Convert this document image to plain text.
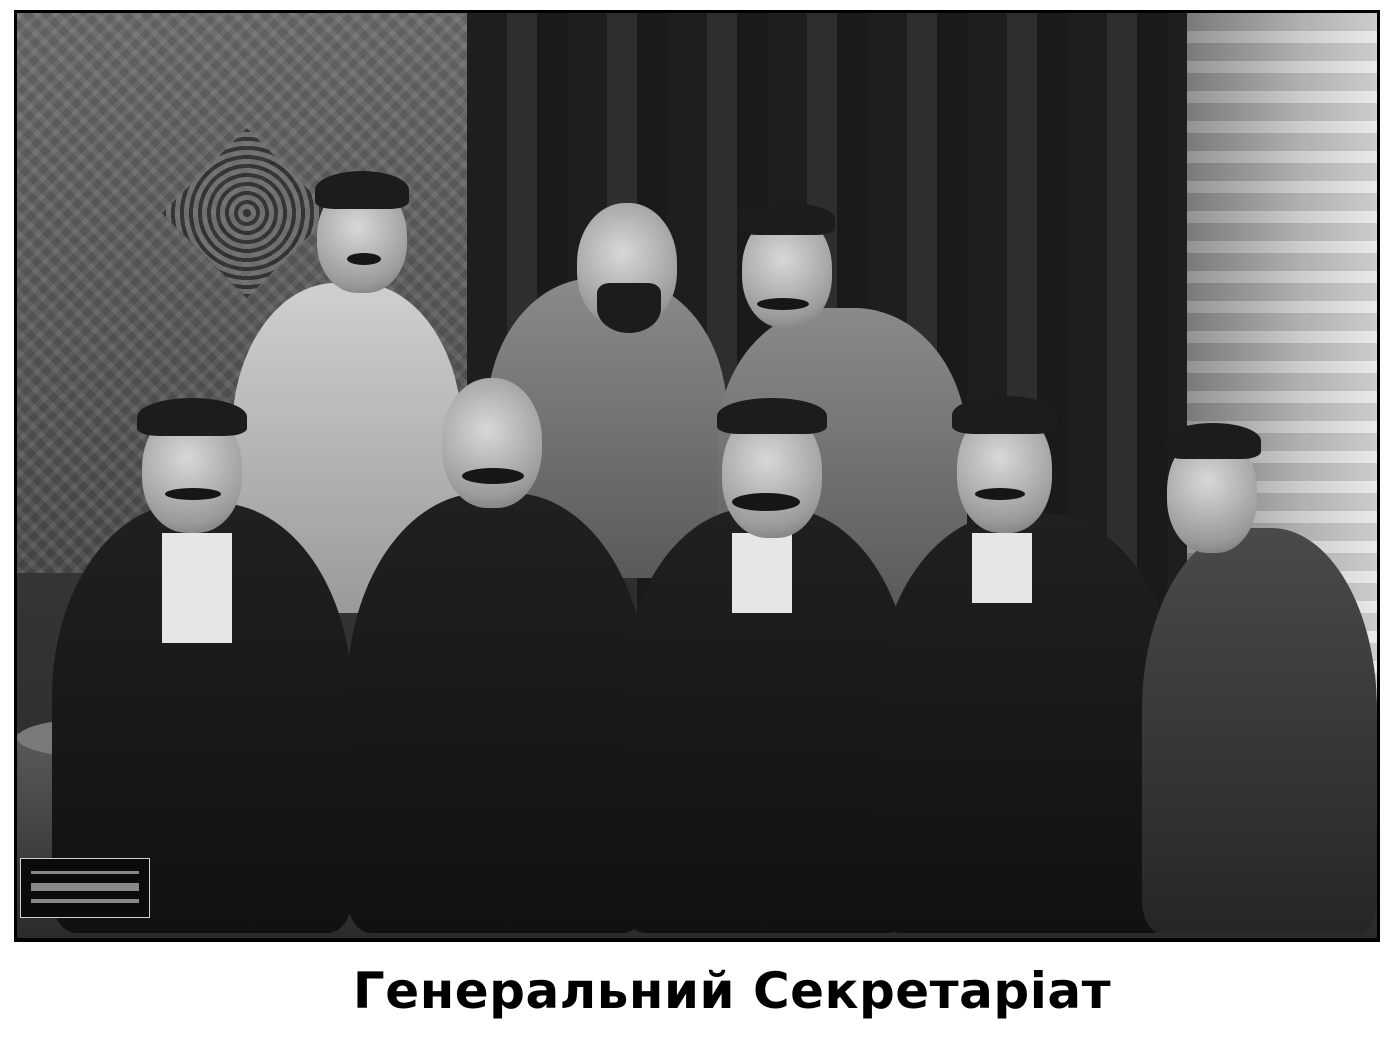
Генеральний Секретаріат
